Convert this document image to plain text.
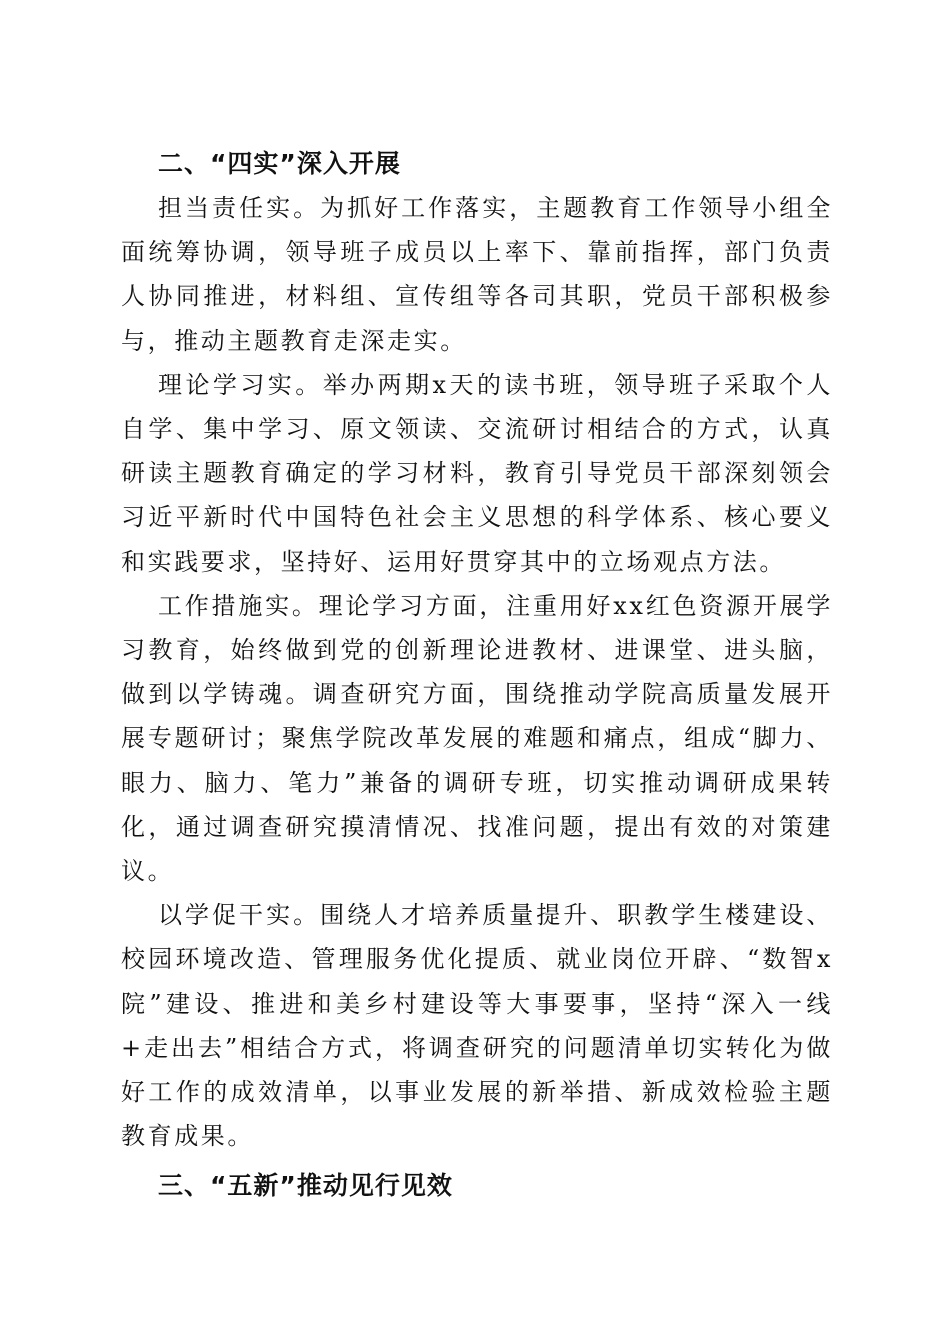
二、“四实”深入开展

担当责任实。为抓好工作落实，主题教育工作领导小组全面统筹协调，领导班子成员以上率下、靠前指挥，部门负责人协同推进，材料组、宣传组等各司其职，党员干部积极参与，推动主题教育走深走实。

理论学习实。举办两期x天的读书班，领导班子采取个人自学、集中学习、原文领读、交流研讨相结合的方式，认真研读主题教育确定的学习材料，教育引导党员干部深刻领会习近平新时代中国特色社会主义思想的科学体系、核心要义和实践要求，坚持好、运用好贯穿其中的立场观点方法。

工作措施实。理论学习方面，注重用好xx红色资源开展学习教育，始终做到党的创新理论进教材、进课堂、进头脑，做到以学铸魂。调查研究方面，围绕推动学院高质量发展开展专题研讨；聚焦学院改革发展的难题和痛点，组成“脚力、眼力、脑力、笔力”兼备的调研专班，切实推动调研成果转化，通过调查研究摸清情况、找准问题，提出有效的对策建议。

以学促干实。围绕人才培养质量提升、职教学生楼建设、校园环境改造、管理服务优化提质、就业岗位开辟、“数智x院”建设、推进和美乡村建设等大事要事，坚持“深入一线+走出去”相结合方式，将调查研究的问题清单切实转化为做好工作的成效清单，以事业发展的新举措、新成效检验主题教育成果。

三、“五新”推动见行见效
